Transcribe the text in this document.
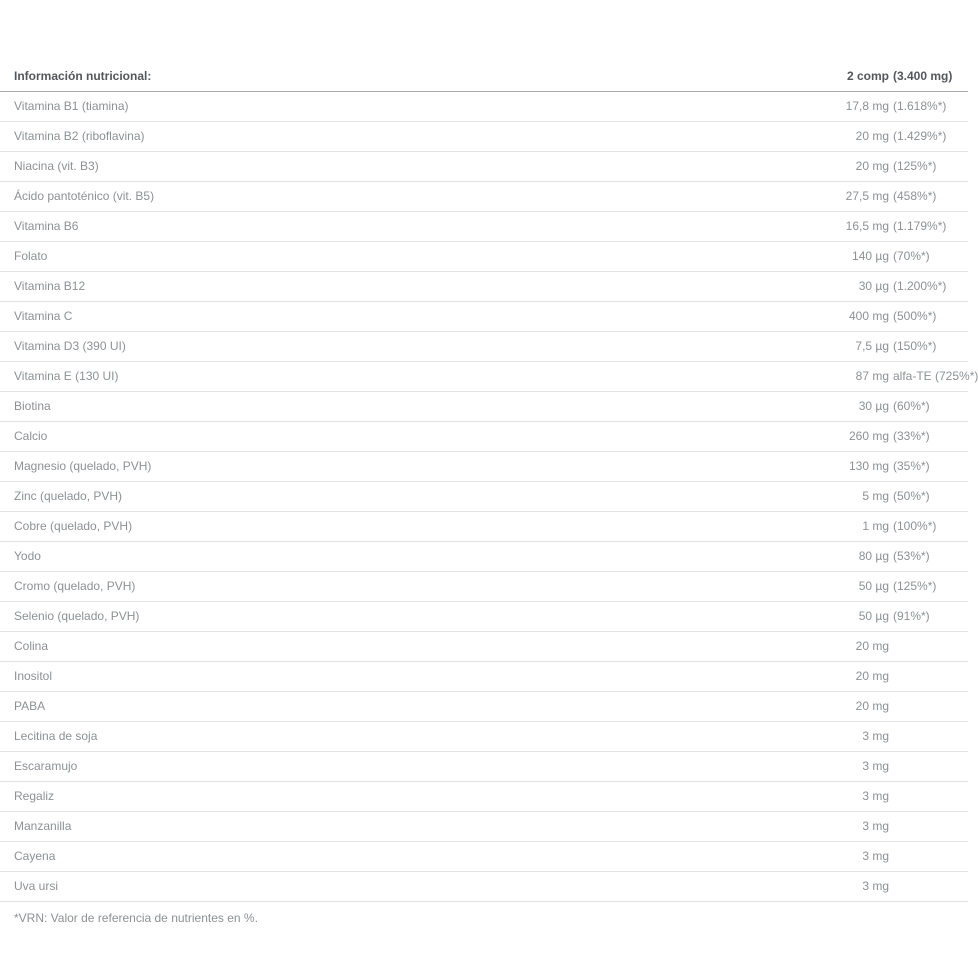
Información nutricional:	2 comp	(3.400 mg)
Vitamina B1 (tiamina)	17,8 mg	(1.618%*)
Vitamina B2 (riboflavina)	20 mg	(1.429%*)
Niacina (vit. B3)	20 mg	(125%*)
Ácido pantoténico (vit. B5)	27,5 mg	(458%*)
Vitamina B6	16,5 mg	(1.179%*)
Folato	140 µg	(70%*)
Vitamina B12	30 µg	(1.200%*)
Vitamina C	400 mg	(500%*)
Vitamina D3 (390 UI)	7,5 µg	(150%*)
Vitamina E (130 UI)	87 mg	alfa-TE (725%*)
Biotina	30 µg	(60%*)
Calcio	260 mg	(33%*)
Magnesio (quelado, PVH)	130 mg	(35%*)
Zinc (quelado, PVH)	5 mg	(50%*)
Cobre (quelado, PVH)	1 mg	(100%*)
Yodo	80 µg	(53%*)
Cromo (quelado, PVH)	50 µg	(125%*)
Selenio (quelado, PVH)	50 µg	(91%*)
Colina	20 mg	
Inositol	20 mg	
PABA	20 mg	
Lecitina de soja	3 mg	
Escaramujo	3 mg	
Regaliz	3 mg	
Manzanilla	3 mg	
Cayena	3 mg	
Uva ursi	3 mg	
*VRN: Valor de referencia de nutrientes en %.
